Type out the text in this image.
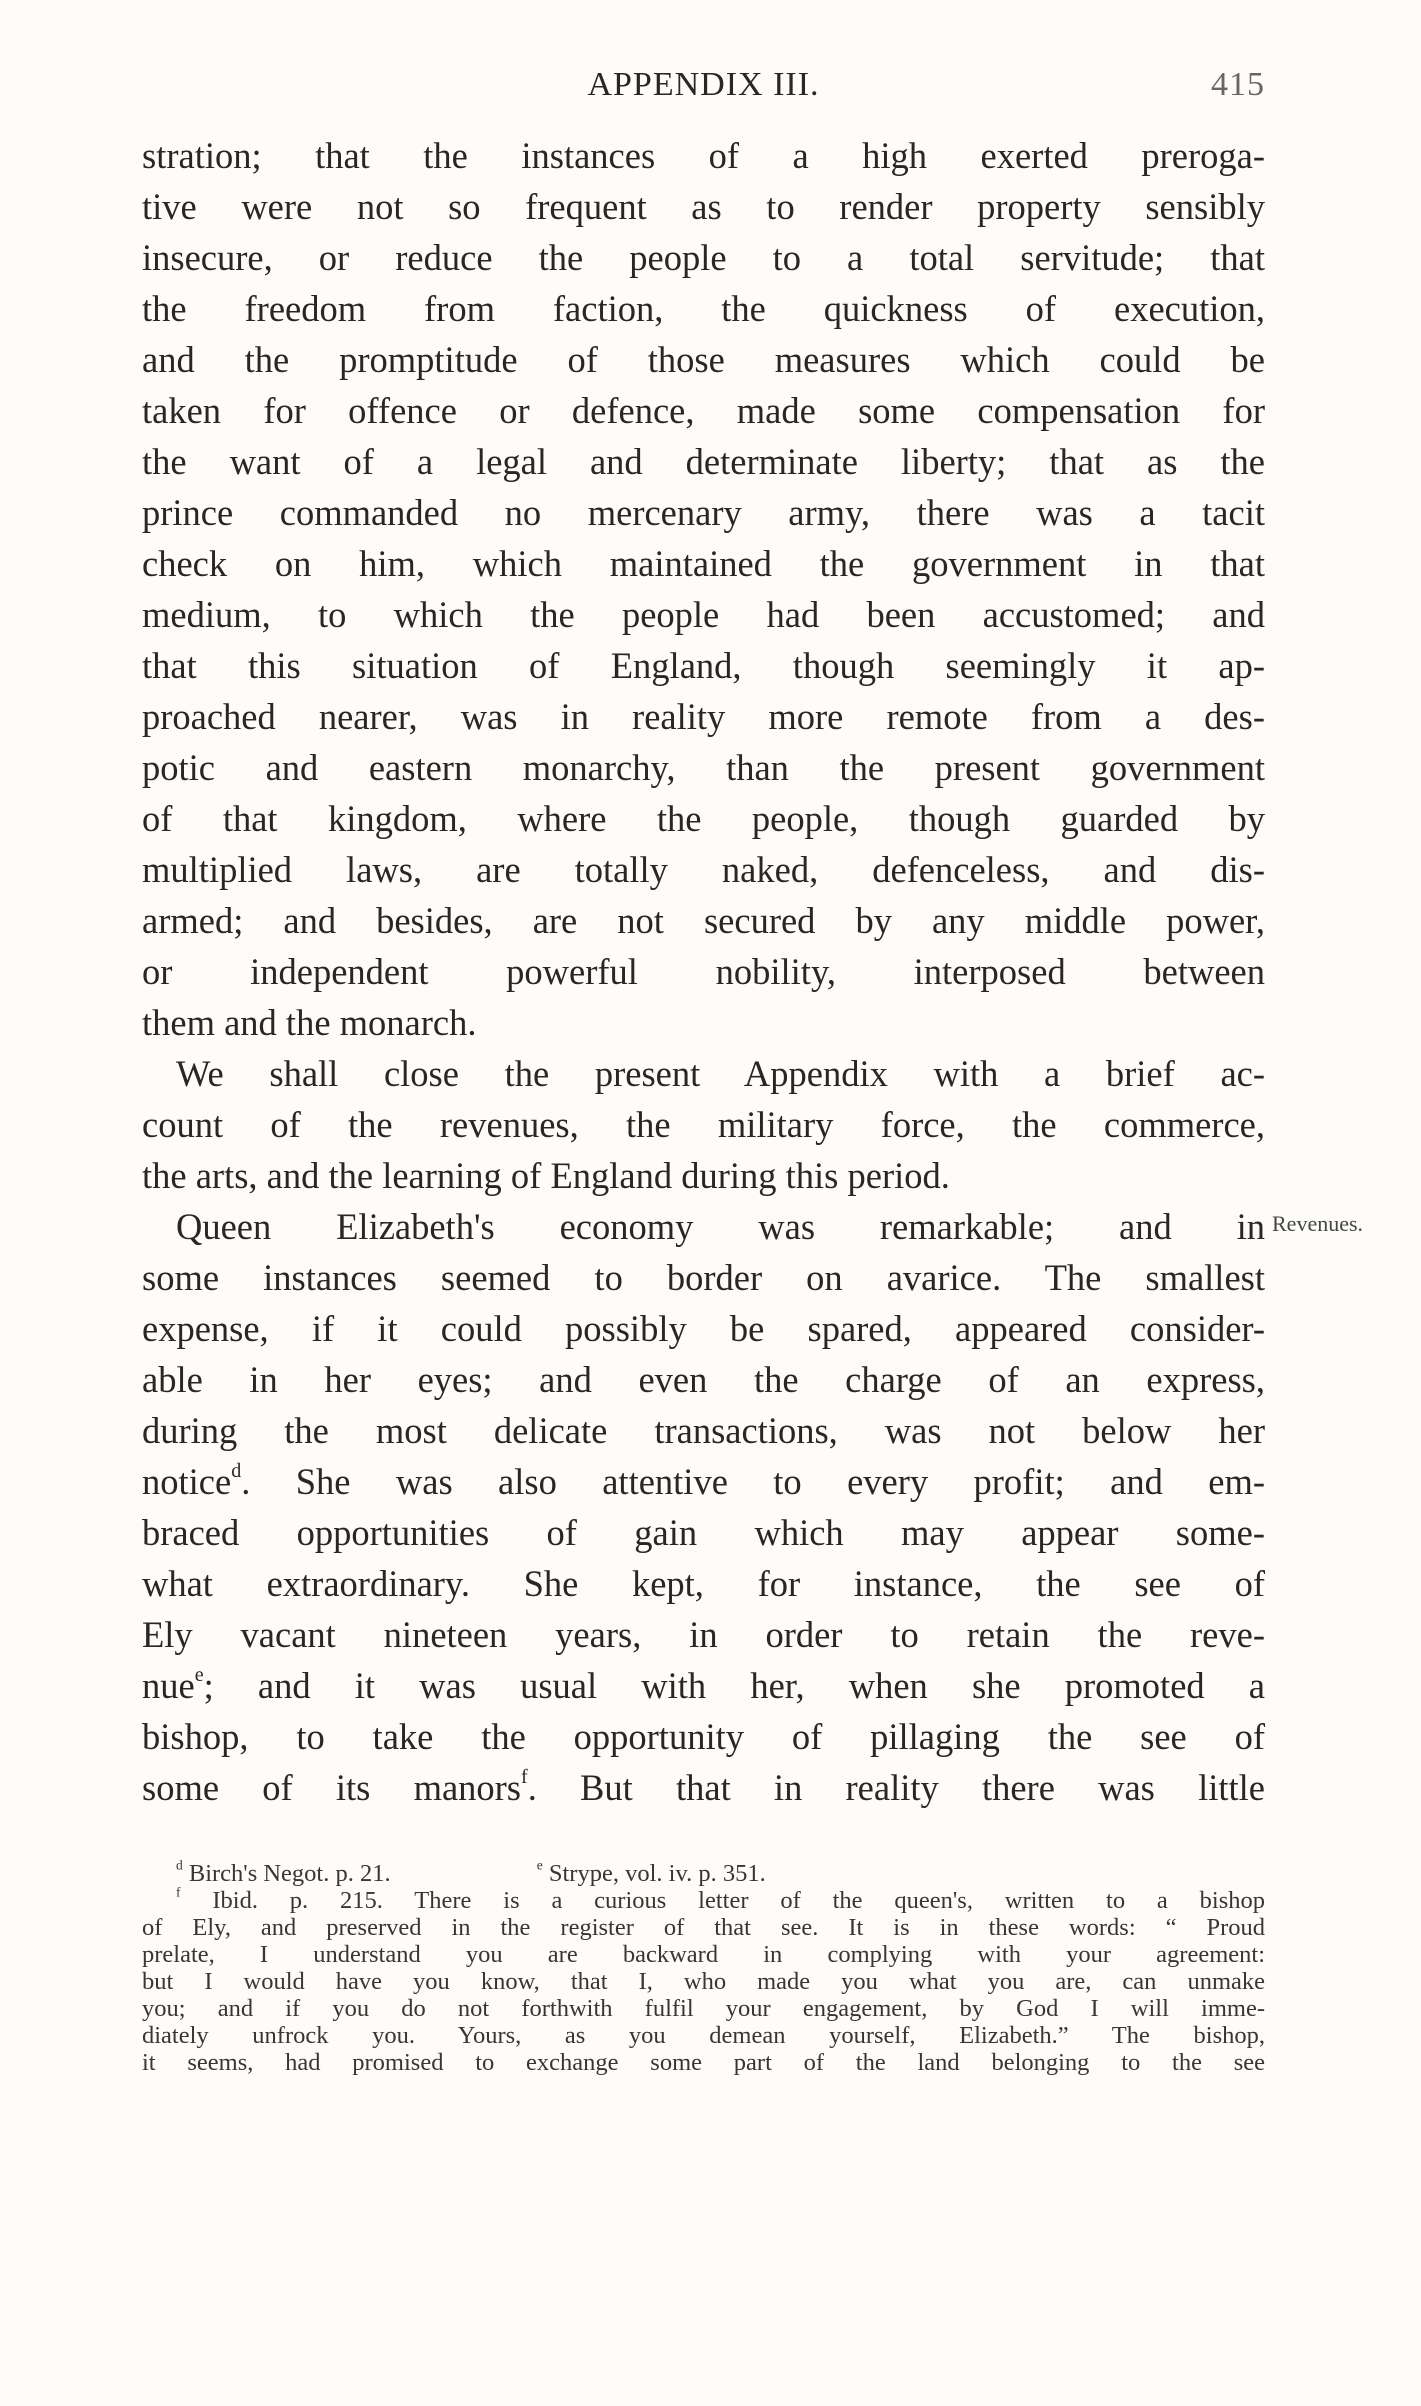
APPENDIX III.	415
stration; that the instances of a high exerted preroga-
tive were not so frequent as to render property sensibly
insecure, or reduce the people to a total servitude; that
the freedom from faction, the quickness of execution,
and the promptitude of those measures which could be
taken for offence or defence, made some compensation for
the want of a legal and determinate liberty; that as the
prince commanded no mercenary army, there was a tacit
check on him, which maintained the government in that
medium, to which the people had been accustomed; and
that this situation of England, though seemingly it ap-
proached nearer, was in reality more remote from a des-
potic and eastern monarchy, than the present government
of that kingdom, where the people, though guarded by
multiplied laws, are totally naked, defenceless, and dis-
armed; and besides, are not secured by any middle power,
or independent powerful nobility, interposed between
them and the monarch.
We shall close the present Appendix with a brief ac-
count of the revenues, the military force, the commerce,
the arts, and the learning of England during this period.
Queen Elizabeth's economy was remarkable; and in
some instances seemed to border on avarice. The smallest
expense, if it could possibly be spared, appeared consider-
able in her eyes; and even the charge of an express,
during the most delicate transactions, was not below her
notice$^d$. She was also attentive to every profit; and em-
braced opportunities of gain which may appear some-
what extraordinary. She kept, for instance, the see of
Ely vacant nineteen years, in order to retain the reve-
nue$^e$; and it was usual with her, when she promoted a
bishop, to take the opportunity of pillaging the see of
some of its manors$^f$. But that in reality there was little
Revenues.
$^d$ Birch's Negot. p. 21.	$^e$ Strype, vol. iv. p. 351.
$^f$ Ibid. p. 215. There is a curious letter of the queen's, written to a bishop
of Ely, and preserved in the register of that see. It is in these words: “ Proud
prelate, I understand you are backward in complying with your agreement:
but I would have you know, that I, who made you what you are, can unmake
you; and if you do not forthwith fulfil your engagement, by God I will imme-
diately unfrock you. Yours, as you demean yourself, Elizabeth.” The bishop,
it seems, had promised to exchange some part of the land belonging to the see
